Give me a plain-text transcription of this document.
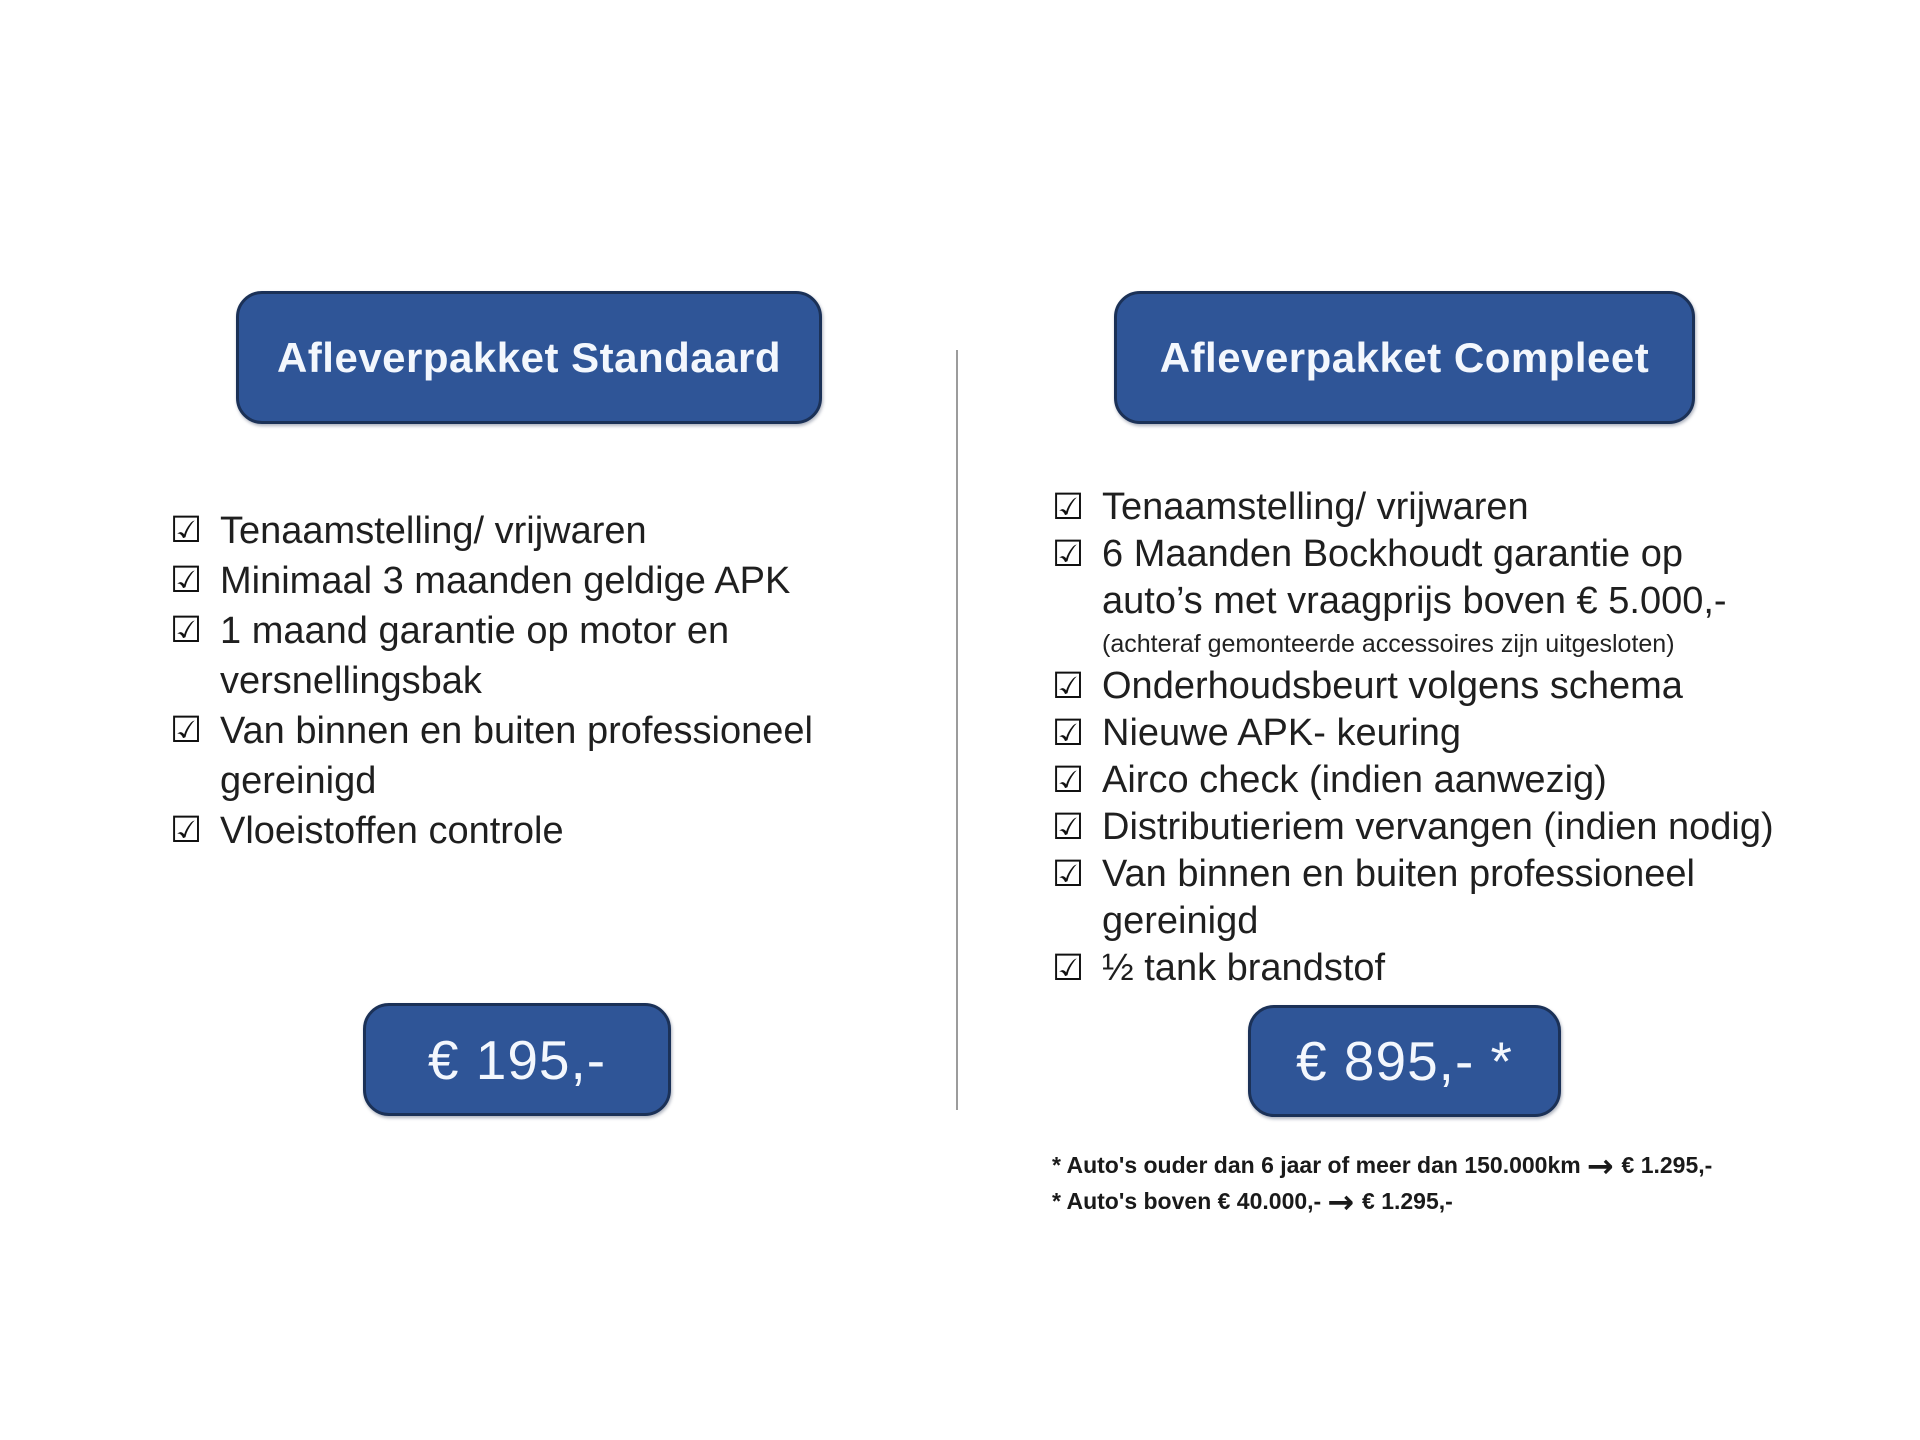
Afleverpakket Standaard
☑ Tenaamstelling/ vrijwaren
☑ Minimaal 3 maanden geldige APK
☑ 1 maand garantie op motor en
versnellingsbak
☑ Van binnen en buiten professioneel
gereinigd
☑ Vloeistoffen controle
€ 195,-
Afleverpakket Compleet
☑ Tenaamstelling/ vrijwaren
☑ 6 Maanden Bockhoudt garantie op
auto’s met vraagprijs boven € 5.000,-
(achteraf gemonteerde accessoires zijn uitgesloten)
☑ Onderhoudsbeurt volgens schema
☑ Nieuwe APK- keuring
☑ Airco check (indien aanwezig)
☑ Distributieriem vervangen (indien nodig)
☑ Van binnen en buiten professioneel
gereinigd
☑ ½ tank brandstof
€ 895,- *
* Auto's ouder dan 6 jaar of meer dan 150.000km → € 1.295,-
* Auto's boven € 40.000,- → € 1.295,-
